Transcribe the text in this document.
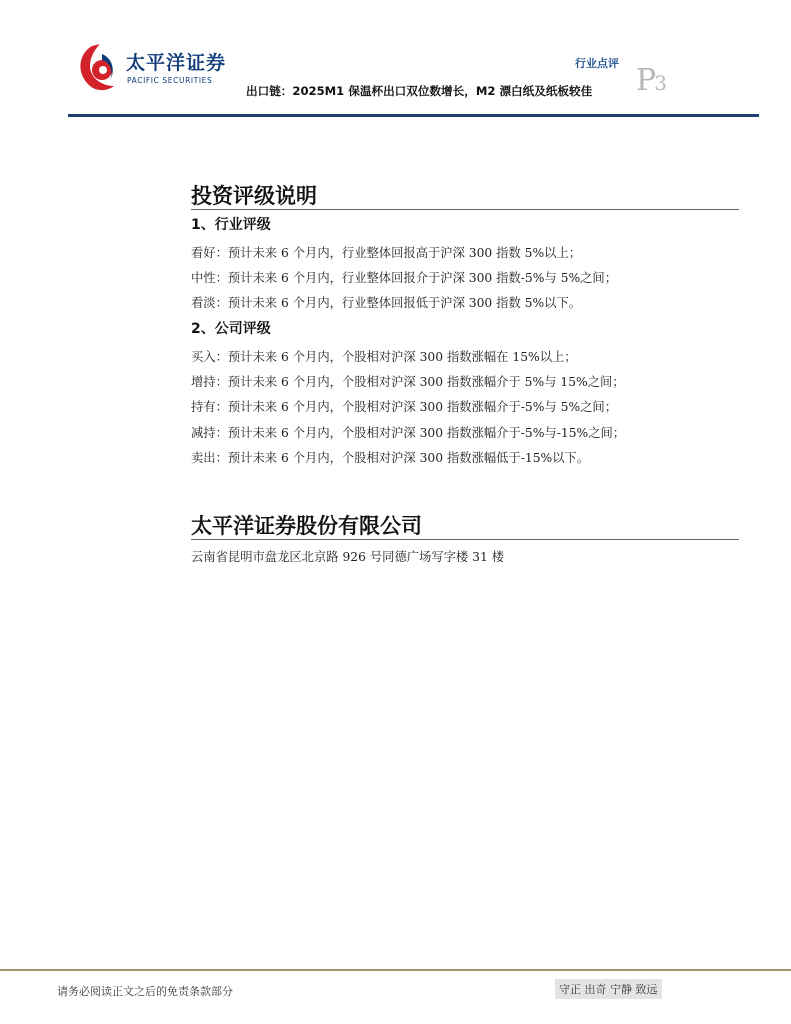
太平洋证券
PACIFIC SECURITIES
行业点评
出口链：2025M1 保温杯出口双位数增长，M2 漂白纸及纸板较佳 P3
投资评级说明
1、行业评级
看好：预计未来 6 个月内，行业整体回报高于沪深 300 指数 5%以上；
中性：预计未来 6 个月内，行业整体回报介于沪深 300 指数-5%与 5%之间；
看淡：预计未来 6 个月内，行业整体回报低于沪深 300 指数 5%以下。
2、公司评级
买入：预计未来 6 个月内，个股相对沪深 300 指数涨幅在 15%以上；
增持：预计未来 6 个月内，个股相对沪深 300 指数涨幅介于 5%与 15%之间；
持有：预计未来 6 个月内，个股相对沪深 300 指数涨幅介于-5%与 5%之间；
减持：预计未来 6 个月内，个股相对沪深 300 指数涨幅介于-5%与-15%之间；
卖出：预计未来 6 个月内，个股相对沪深 300 指数涨幅低于-15%以下。
太平洋证券股份有限公司
云南省昆明市盘龙区北京路 926 号同德广场写字楼 31 楼
请务必阅读正文之后的免责条款部分	守正 出奇 宁静 致远
